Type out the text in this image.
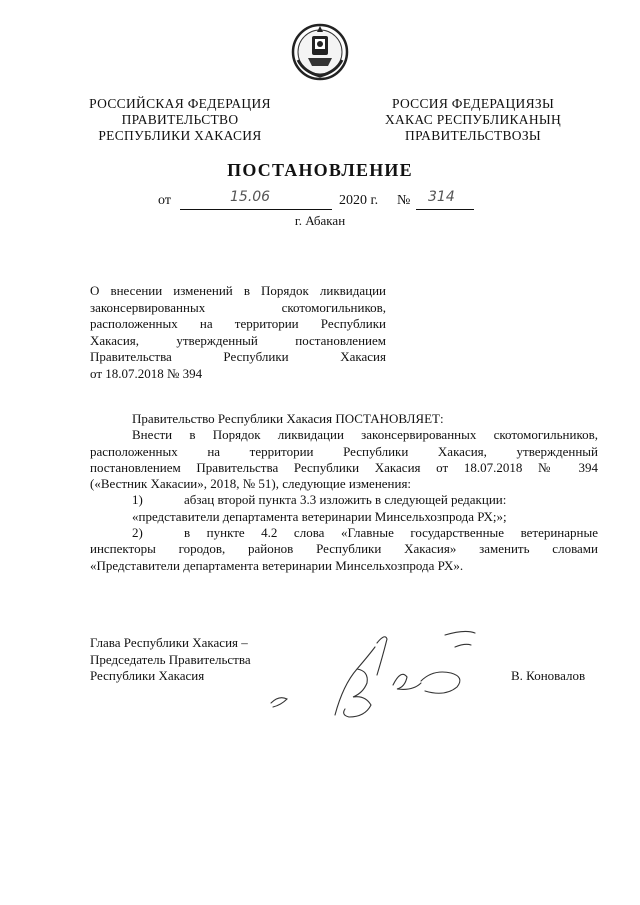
РОССИЙСКАЯ ФЕДЕРАЦИЯ
ПРАВИТЕЛЬСТВО
РЕСПУБЛИКИ ХАКАСИЯ
РОССИЯ ФЕДЕРАЦИЯЗЫ
ХАКАС РЕСПУБЛИКАНЫҢ
ПРАВИТЕЛЬСТВОЗЫ
ПОСТАНОВЛЕНИЕ
от	15.06	2020 г. № 314
г. Абакан
О внесении изменений в Порядок ликвидации
законсервированных скотомогильников,
расположенных на территории Республики
Хакасия, утвержденный постановлением
Правительства Республики Хакасия
от 18.07.2018 № 394
Правительство Республики Хакасия ПОСТАНОВЛЯЕТ:
Внести в Порядок ликвидации законсервированных скотомогильников,
расположенных на территории Республики Хакасия, утвержденный
постановлением Правительства Республики Хакасия от 18.07.2018 № 394
(«Вестник Хакасии», 2018, № 51), следующие изменения:
1)	абзац второй пункта 3.3 изложить в следующей редакции:
«представители департамента ветеринарии Минсельхозпрода РХ;»;
2)	в пункте 4.2 слова «Главные государственные ветеринарные
инспекторы городов, районов Республики Хакасия» заменить словами
«Представители департамента ветеринарии Минсельхозпрода РХ».
Глава Республики Хакасия –
Председатель Правительства
Республики Хакасия	В. Коновалов
